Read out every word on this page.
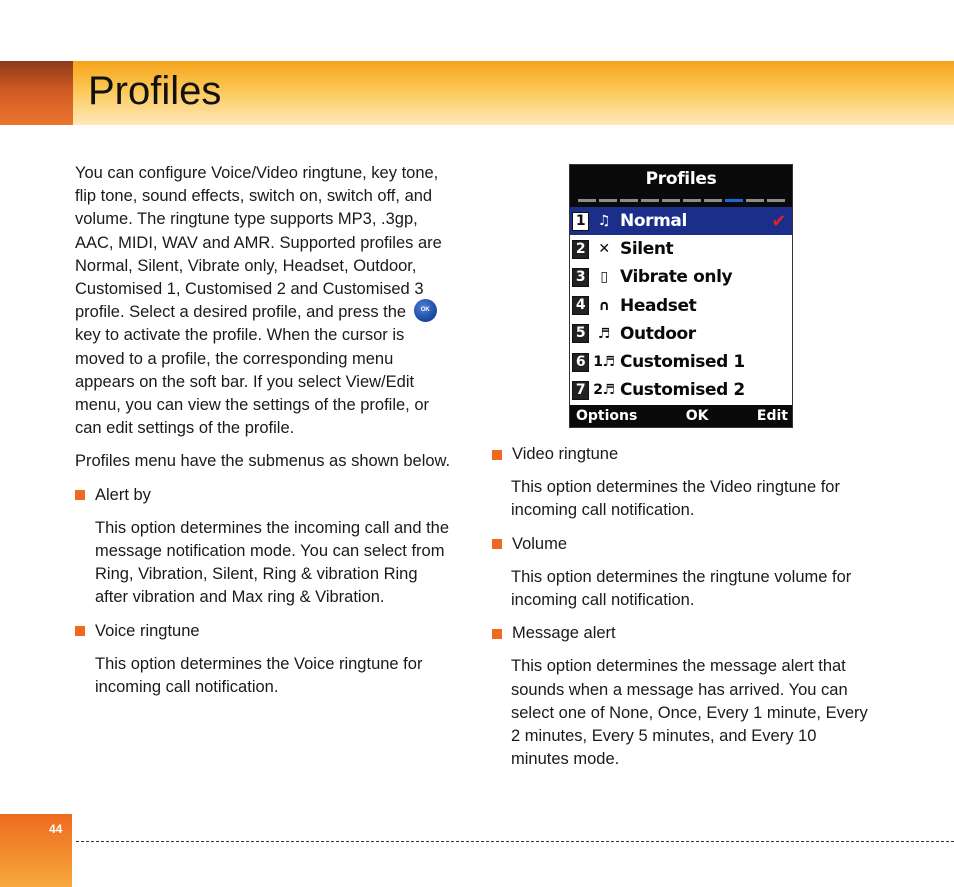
Profiles

You can configure Voice/Video ringtune, key tone, flip tone, sound effects, switch on, switch off, and volume. The ringtune type supports MP3, .3gp, AAC, MIDI, WAV and AMR. Supported profiles are Normal, Silent, Vibrate only, Headset, Outdoor, Customised 1, Customised 2 and Customised 3 profile. Select a desired profile, and press the OK key to activate the profile. When the cursor is moved to a profile, the corresponding menu appears on the soft bar. If you select View/Edit menu, you can view the settings of the profile, or can edit settings of the profile.

Profiles menu have the submenus as shown below.

Alert by

This option determines the incoming call and the message notification mode. You can select from Ring, Vibration, Silent, Ring & vibration Ring after vibration and Max ring & Vibration.

Voice ringtune

This option determines the Voice ringtune for incoming call notification.

Profiles
1 ♫ Normal	✔
2 ✕ Silent
3	▯ Vibrate only
4 ∩ Headset
5 ♬ Outdoor
6 1♬ Customised 1
7 2♬ Customised 2
Options	OK	Edit
Video ringtune

This option determines the Video ringtune for incoming call notification.

Volume

This option determines the ringtune volume for incoming call notification.

Message alert

This option determines the message alert that sounds when a message has arrived. You can select one of None, Once, Every 1 minute, Every 2 minutes, Every 5 minutes, and Every 10 minutes mode.

44
